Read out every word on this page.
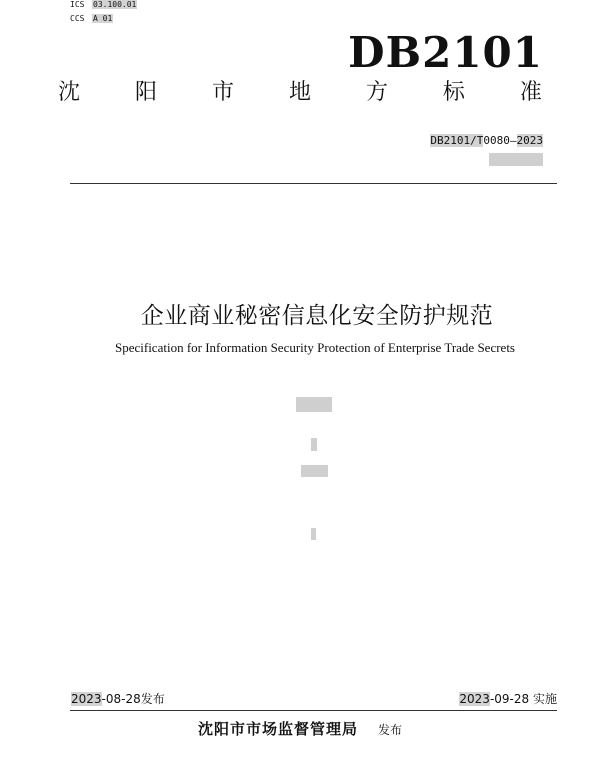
ICS 03.100.01
CCS A 01
DB2101
沈 阳 市 地 方 标 准
DB2101/T0080—2023
企业商业秘密信息化安全防护规范
Specification for Information Security Protection of Enterprise Trade Secrets
2023-08-28发布	2023-09-28 实施
沈阳市市场监督管理局 发布
